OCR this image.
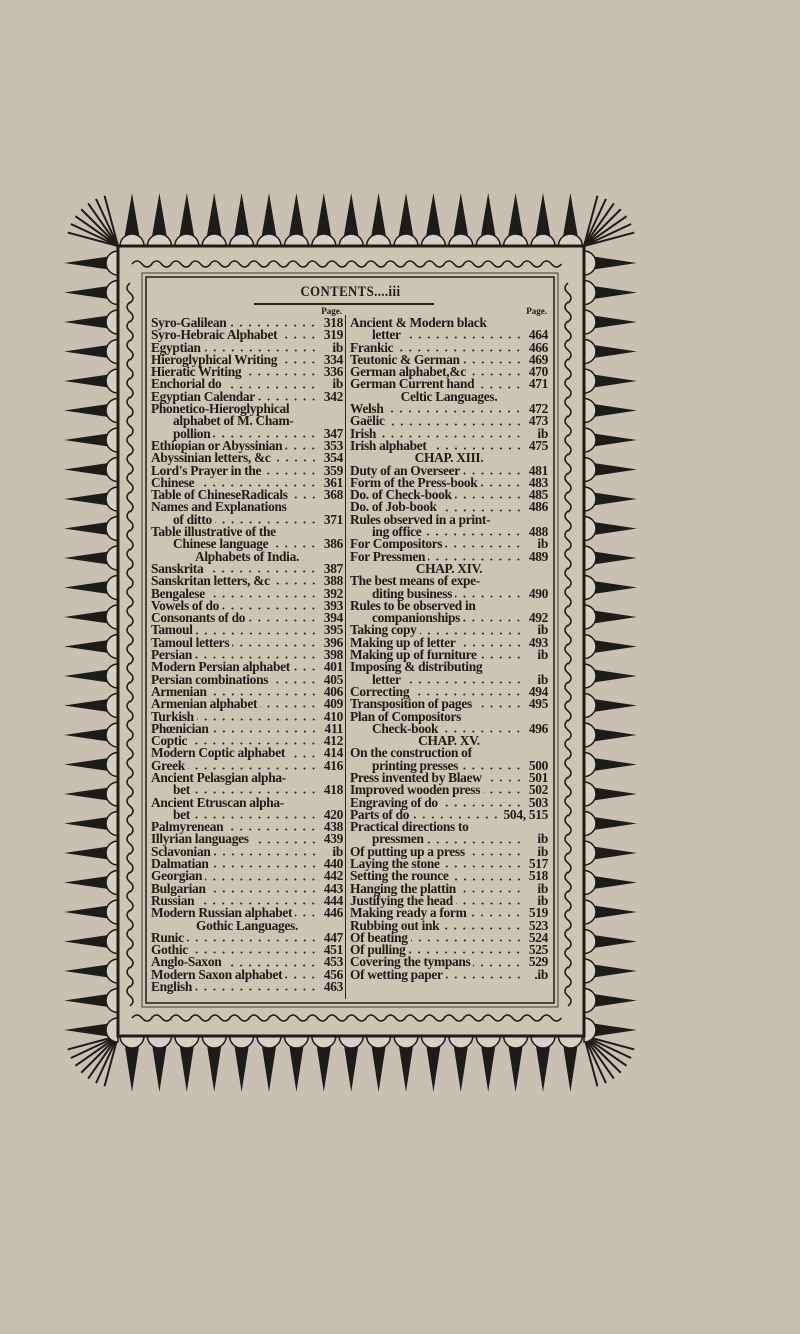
CONTENTS....iii
Page.
Syro-Galilean	318
Syro-Hebraic Alphabet	319
Egyptian	ib
Hieroglyphical Writing	334
Hieratic Writing	336
Enchorial do	ib
Egyptian Calendar	342
Phonetico-Hieroglyphical
alphabet of M. Cham-
pollion	347
Ethiopian or Abyssinian	353
Abyssinian letters, &c	354
Lord's Prayer in the	359
Chinese	361
Table of ChineseRadicals	368
Names and Explanations
of ditto	371
Table illustrative of the
Chinese language	386
Alphabets of India.
Sanskrita	387
Sanskritan letters, &c	388
Bengalese	392
Vowels of do	393
Consonants of do	394
Tamoul	395
Tamoul letters	396
Persian	398
Modern Persian alphabet	401
Persian combinations	405
Armenian	406
Armenian alphabet	409
Turkish	410
Phœnician	411
Coptic	412
Modern Coptic alphabet	414
Greek	416
Ancient Pelasgian alpha-
bet	418
Ancient Etruscan alpha-
bet	420
Palmyrenean	438
Illyrian languages	439
Sclavonian	ib
Dalmatian	440
Georgian	442
Bulgarian	443
Russian	444
Modern Russian alphabet 446
Gothic Languages.
Runic	447
Gothic	451
Anglo-Saxon	453
Modern Saxon alphabet	456
English	463
Page.
Ancient & Modern black
letter	464
Frankic	466
Teutonic & German	469
German alphabet,&c	470
German Current hand	471
Celtic Languages.
Welsh	472
Gaëlic	473
Irish	ib
Irish alphabet	475
CHAP. XIII.
Duty of an Overseer	481
Form of the Press-book	483
Do. of Check-book	485
Do. of Job-book	486
Rules observed in a print-
ing office	488
For Compositors	ib
For Pressmen	489
CHAP. XIV.
The best means of expe-
diting business	490
Rules to be observed in
companionships	492
Taking copy	ib
Making up of letter	493
Making up of furniture	ib
Imposing & distributing
letter	ib
Correcting	494
Transposition of pages	495
Plan of Compositors
Check-book	496
CHAP. XV.
On the construction of
printing presses	500
Press invented by Blaew	501
Improved wooden press	502
Engraving of do	503
Parts of do	504, 515
Practical directions to
pressmen	ib
Of putting up a press	ib
Laying the stone	517
Setting the rounce	518
Hanging the plattin	ib
Justifying the head	ib
Making ready a form	519
Rubbing out ink	523
Of beating	524
Of pulling	525
Covering the tympans	529
Of wetting paper	.ib
